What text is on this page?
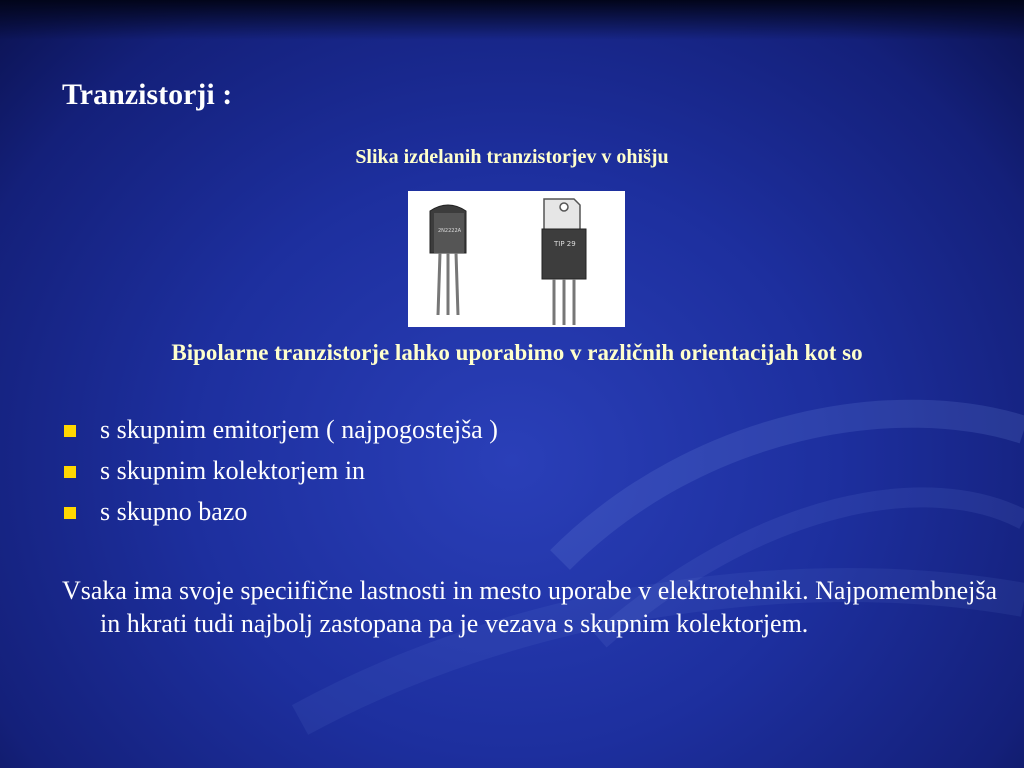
Tranzistorji :
Slika izdelanih tranzistorjev v ohišju
2N2222A
TIP 29
Bipolarne tranzistorje lahko uporabimo v različnih orientacijah kot so
s skupnim emitorjem ( najpogostejša )
s skupnim kolektorjem in
s skupno bazo
Vsaka ima svoje speciifične lastnosti in mesto uporabe v elektrotehniki. Najpomembnejša in hkrati tudi najbolj zastopana pa je vezava s skupnim kolektorjem.
